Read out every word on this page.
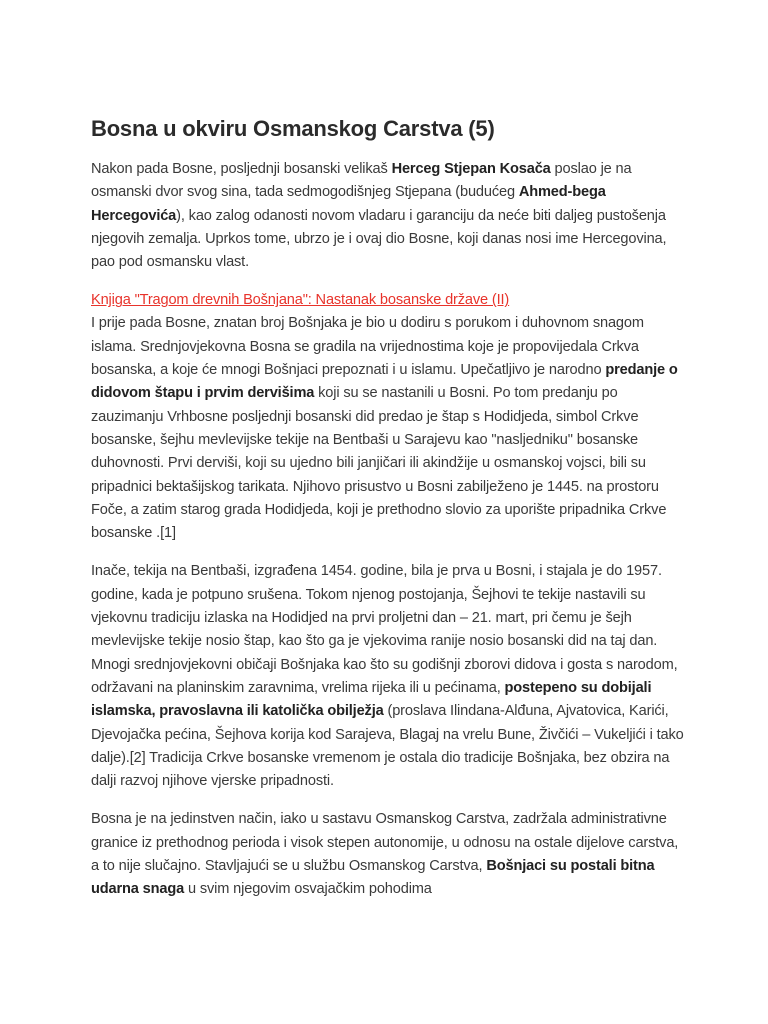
Bosna u okviru Osmanskog Carstva (5)

Nakon pada Bosne, posljednji bosanski velikaš Herceg Stjepan Kosača poslao je na osmanski dvor svog sina, tada sedmogodišnjeg Stjepana (budućeg Ahmed-bega Hercegovića), kao zalog odanosti novom vladaru i garanciju da neće biti daljeg pustošenja njegovih zemalja. Uprkos tome, ubrzo je i ovaj dio Bosne, koji danas nosi ime Hercegovina, pao pod osmansku vlast.

Knjiga "Tragom drevnih Bošnjana": Nastanak bosanske države (II)

I prije pada Bosne, znatan broj Bošnjaka je bio u dodiru s porukom i duhovnom snagom islama. Srednjovjekovna Bosna se gradila na vrijednostima koje je propovijedala Crkva bosanska, a koje će mnogi Bošnjaci prepoznati i u islamu. Upečatljivo je narodno predanje o didovom štapu i prvim dervišima koji su se nastanili u Bosni. Po tom predanju po zauzimanju Vrhbosne posljednji bosanski did predao je štap s Hodidjeda, simbol Crkve bosanske, šejhu mevlevijske tekije na Bentbaši u Sarajevu kao "nasljedniku" bosanske duhovnosti. Prvi derviši, koji su ujedno bili janjičari ili akindžije u osmanskoj vojsci, bili su pripadnici bektašijskog tarikata. Njihovo prisustvo u Bosni zabilježeno je 1445. na prostoru Foče, a zatim starog grada Hodidjeda, koji je prethodno slovio za uporište pripadnika Crkve bosanske .[1]

Inače, tekija na Bentbaši, izgrađena 1454. godine, bila je prva u Bosni, i stajala je do 1957. godine, kada je potpuno srušena. Tokom njenog postojanja, Šejhovi te tekije nastavili su vjekovnu tradiciju izlaska na Hodidjed na prvi proljetni dan – 21. mart, pri čemu je šejh mevlevijske tekije nosio štap, kao što ga je vjekovima ranije nosio bosanski did na taj dan. Mnogi srednjovjekovni običaji Bošnjaka kao što su godišnji zborovi didova i gosta s narodom, održavani na planinskim zaravnima, vrelima rijeka ili u pećinama, postepeno su dobijali islamska, pravoslavna ili katolička obilježja (proslava Ilindana-Alđuna, Ajvatovica, Karići, Djevojačka pećina, Šejhova korija kod Sarajeva, Blagaj na vrelu Bune, Živčići – Vukeljići i tako dalje).[2] Tradicija Crkve bosanske vremenom je ostala dio tradicije Bošnjaka, bez obzira na dalji razvoj njihove vjerske pripadnosti.

Bosna je na jedinstven način, iako u sastavu Osmanskog Carstva, zadržala administrativne granice iz prethodnog perioda i visok stepen autonomije, u odnosu na ostale dijelove carstva, a to nije slučajno. Stavljajući se u službu Osmanskog Carstva, Bošnjaci su postali bitna udarna snaga u svim njegovim osvajačkim pohodima
